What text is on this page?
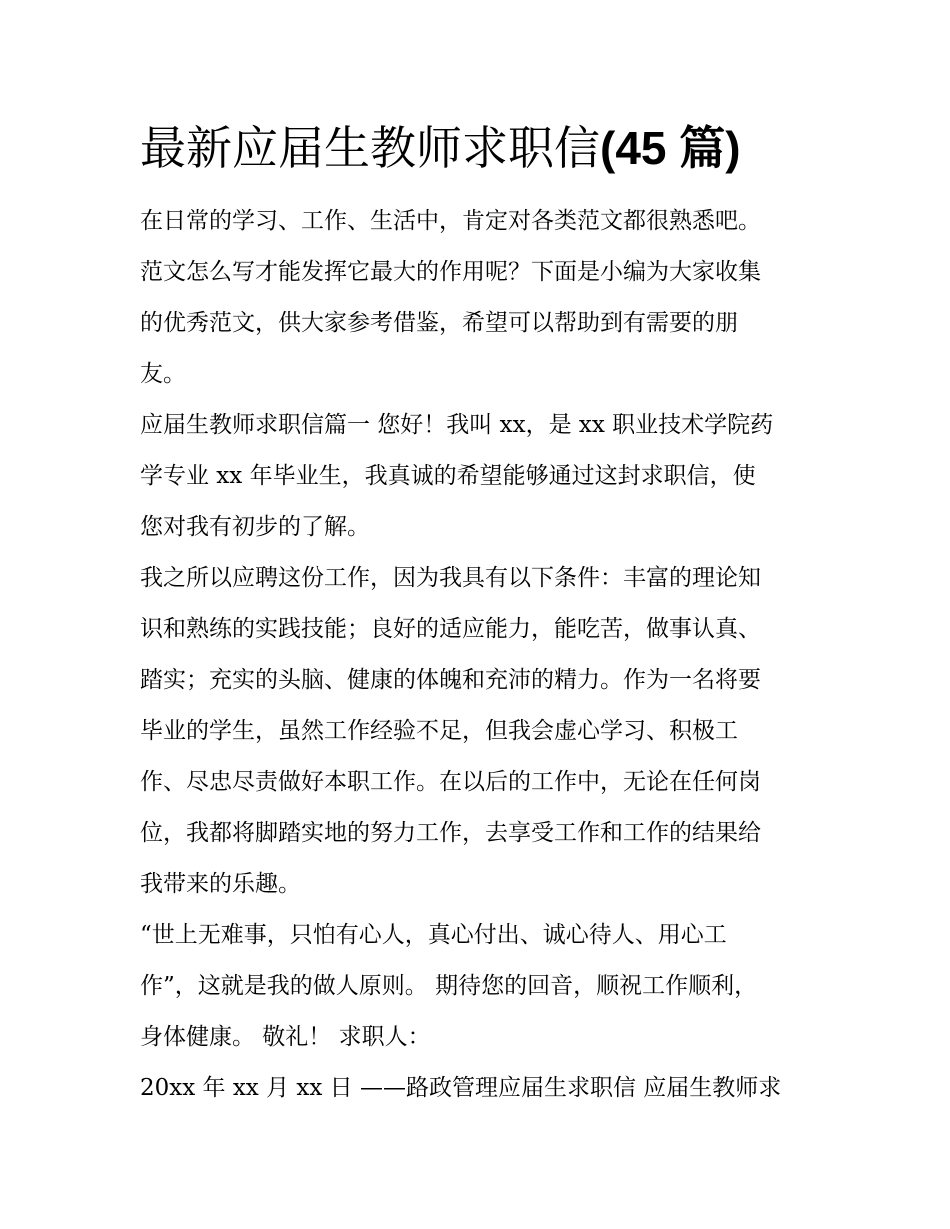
最新应届生教师求职信(45 篇)
在日常的学习、工作、生活中，肯定对各类范文都很熟悉吧。
范文怎么写才能发挥它最大的作用呢？下面是小编为大家收集
的优秀范文，供大家参考借鉴，希望可以帮助到有需要的朋
友。
应届生教师求职信篇一 您好！我叫 xx，是 xx 职业技术学院药
学专业 xx 年毕业生，我真诚的希望能够通过这封求职信，使
您对我有初步的了解。
我之所以应聘这份工作，因为我具有以下条件：丰富的理论知
识和熟练的实践技能；良好的适应能力，能吃苦，做事认真、
踏实；充实的头脑、健康的体魄和充沛的精力。作为一名将要
毕业的学生，虽然工作经验不足，但我会虚心学习、积极工
作、尽忠尽责做好本职工作。在以后的工作中，无论在任何岗
位，我都将脚踏实地的努力工作，去享受工作和工作的结果给
我带来的乐趣。
“世上无难事，只怕有心人，真心付出、诚心待人、用心工
作”，这就是我的做人原则。 期待您的回音，顺祝工作顺利，
身体健康。 敬礼！ 求职人：
20xx 年 xx 月 xx 日 ——路政管理应届生求职信 应届生教师求
